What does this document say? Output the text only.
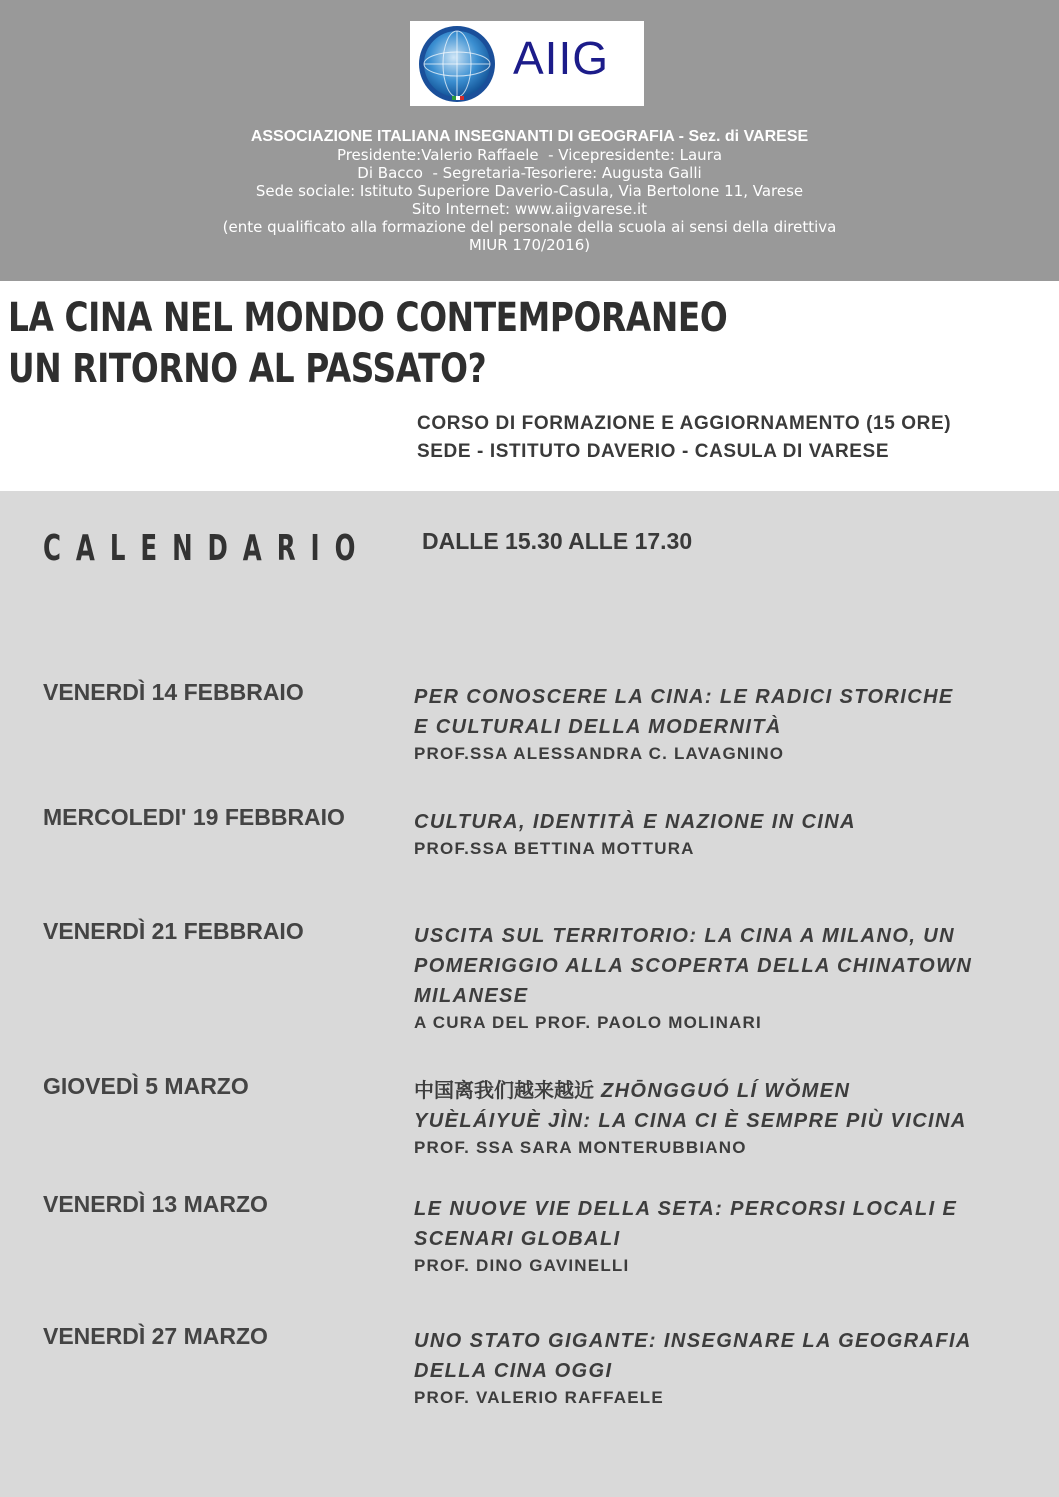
AIIG
ASSOCIAZIONE ITALIANA INSEGNANTI DI GEOGRAFIA - Sez. di VARESE
Presidente:Valerio Raffaele  - Vicepresidente: Laura
Di Bacco  - Segretaria-Tesoriere: Augusta Galli
Sede sociale: Istituto Superiore Daverio-Casula, Via Bertolone 11, Varese
Sito Internet: www.aiigvarese.it
(ente qualificato alla formazione del personale della scuola ai sensi della direttiva
MIUR 170/2016)
LA CINA NEL MONDO CONTEMPORANEO
UN RITORNO AL PASSATO?
CORSO DI FORMAZIONE E AGGIORNAMENTO (15 ORE)
SEDE - ISTITUTO DAVERIO - CASULA DI VARESE
CALENDARIO DALLE 15.30 ALLE 17.30
VENERDÌ 14 FEBBRAIO	PER CONOSCERE LA CINA: LE RADICI STORICHE E CULTURALI DELLA MODERNITÀ
PROF.SSA ALESSANDRA C. LAVAGNINO
MERCOLEDI' 19 FEBBRAIO	CULTURA, IDENTITÀ E NAZIONE IN CINA
PROF.SSA BETTINA MOTTURA
VENERDÌ 21 FEBBRAIO	USCITA SUL TERRITORIO: LA CINA A MILANO, UN POMERIGGIO ALLA SCOPERTA DELLA CHINATOWN MILANESE
A CURA DEL PROF. PAOLO MOLINARI
GIOVEDÌ 5 MARZO	中国离我们越来越近 ZHŌNGGUÓ LÍ WǑMEN YUÈLÁIYUÈ JÌN: LA CINA CI È SEMPRE PIÙ VICINA
PROF. SSA SARA MONTERUBBIANO
VENERDÌ 13 MARZO	LE NUOVE VIE DELLA SETA: PERCORSI LOCALI E SCENARI GLOBALI
PROF. DINO GAVINELLI
VENERDÌ 27 MARZO	UNO STATO GIGANTE: INSEGNARE LA GEOGRAFIA DELLA CINA OGGI
PROF. VALERIO RAFFAELE
